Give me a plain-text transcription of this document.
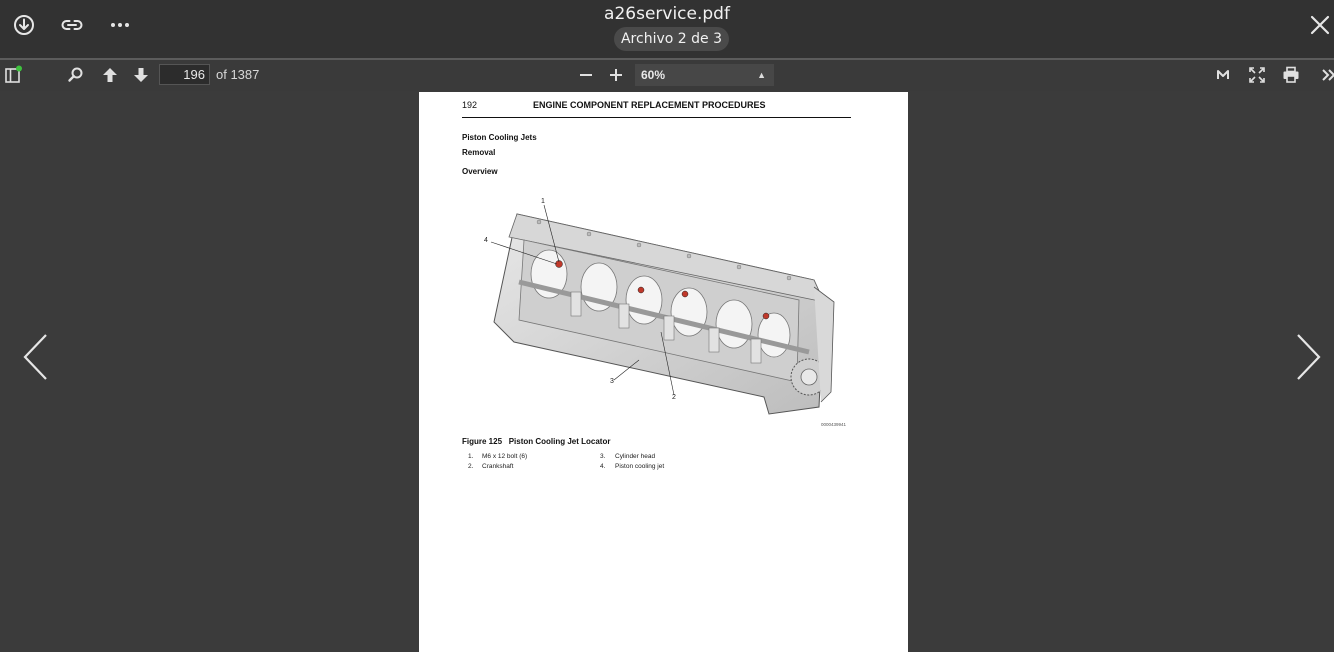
a26service.pdf
Archivo 2 de 3
196 of 1387	60%	▲

192	ENGINE COMPONENT REPLACEMENT PROCEDURES
Piston Cooling Jets
Removal
Overview
1
2
3
4
0000439941
Figure 125 Piston Cooling Jet Locator
1. M6 x 12 bolt (6)
2. Crankshaft
3. Cylinder head
4. Piston cooling jet
